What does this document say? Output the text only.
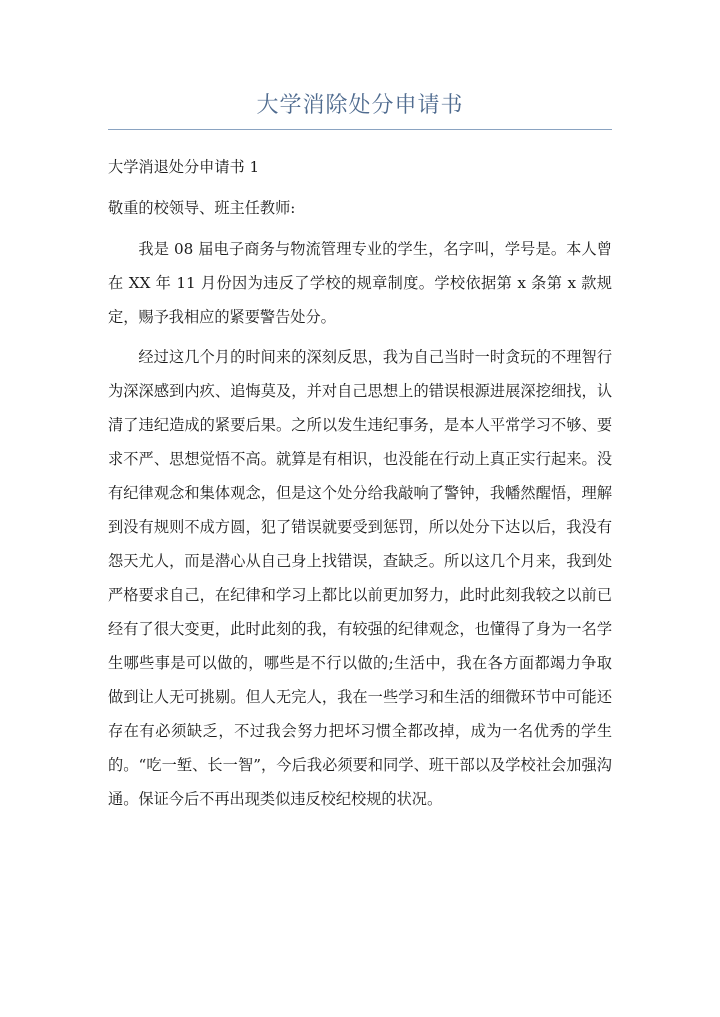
大学消除处分申请书

大学消退处分申请书 1

敬重的校领导、班主任教师:

我是 08 届电子商务与物流管理专业的学生，名字叫，学号是。本人曾在 XX 年 11 月份因为违反了学校的规章制度。学校依据第 x 条第 x 款规定，赐予我相应的紧要警告处分。

经过这几个月的时间来的深刻反思，我为自己当时一时贪玩的不理智行为深深感到内疚、追悔莫及，并对自己思想上的错误根源进展深挖细找，认清了违纪造成的紧要后果。之所以发生违纪事务，是本人平常学习不够、要求不严、思想觉悟不高。就算是有相识，也没能在行动上真正实行起来。没有纪律观念和集体观念，但是这个处分给我敲响了警钟，我幡然醒悟，理解到没有规则不成方圆，犯了错误就要受到惩罚，所以处分下达以后，我没有怨天尤人，而是潜心从自己身上找错误，查缺乏。所以这几个月来，我到处严格要求自己，在纪律和学习上都比以前更加努力，此时此刻我较之以前已经有了很大变更，此时此刻的我，有较强的纪律观念，也懂得了身为一名学生哪些事是可以做的，哪些是不行以做的;生活中，我在各方面都竭力争取做到让人无可挑剔。但人无完人，我在一些学习和生活的细微环节中可能还存在有必须缺乏，不过我会努力把坏习惯全都改掉，成为一名优秀的学生的。“吃一堑、长一智”，今后我必须要和同学、班干部以及学校社会加强沟通。保证今后不再出现类似违反校纪校规的状况。
